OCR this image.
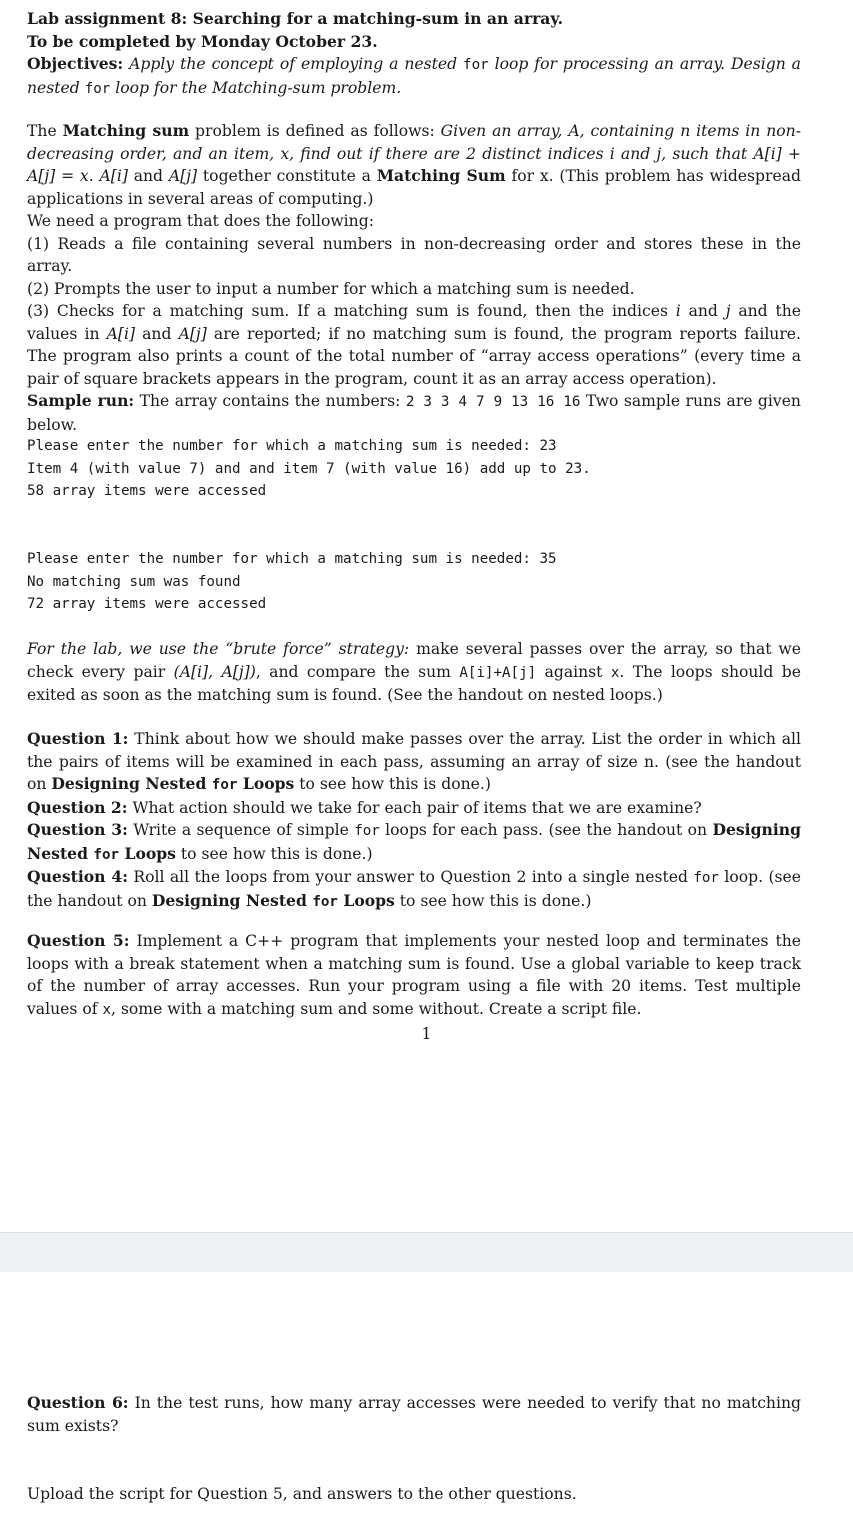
Lab assignment 8: Searching for a matching-sum in an array.

To be completed by Monday October 23.

Objectives: Apply the concept of employing a nested for loop for processing an array. Design a nested for loop for the Matching-sum problem.

The Matching sum problem is defined as follows: Given an array, A, containing n items in non-decreasing order, and an item, x, find out if there are 2 distinct indices i and j, such that A[i] + A[j] = x. A[i] and A[j] together constitute a Matching Sum for x. (This problem has widespread applications in several areas of computing.)

We need a program that does the following:

(1) Reads a file containing several numbers in non-decreasing order and stores these in the array.

(2) Prompts the user to input a number for which a matching sum is needed.

(3) Checks for a matching sum. If a matching sum is found, then the indices i and j and the values in A[i] and A[j] are reported; if no matching sum is found, the program reports failure. The program also prints a count of the total number of “array access operations” (every time a pair of square brackets appears in the program, count it as an array access operation).

Sample run: The array contains the numbers: 2 3 3 4 7 9 13 16 16 Two sample runs are given below.

Please enter the number for which a matching sum is needed: 23
Item 4 (with value 7) and and item 7 (with value 16) add up to 23.
58 array items were accessed
Please enter the number for which a matching sum is needed: 35
No matching sum was found
72 array items were accessed

For the lab, we use the “brute force” strategy: make several passes over the array, so that we check every pair (A[i], A[j]), and compare the sum A[i]+A[j] against x. The loops should be exited as soon as the matching sum is found. (See the handout on nested loops.)

Question 1: Think about how we should make passes over the array. List the order in which all the pairs of items will be examined in each pass, assuming an array of size n. (see the handout on Designing Nested for Loops to see how this is done.)

Question 2: What action should we take for each pair of items that we are examine?

Question 3: Write a sequence of simple for loops for each pass. (see the handout on Designing Nested for Loops to see how this is done.)

Question 4: Roll all the loops from your answer to Question 2 into a single nested for loop. (see the handout on Designing Nested for Loops to see how this is done.)

Question 5: Implement a C++ program that implements your nested loop and terminates the loops with a break statement when a matching sum is found. Use a global variable to keep track of the number of array accesses. Run your program using a file with 20 items. Test multiple values of x, some with a matching sum and some without. Create a script file.

1

Question 6: In the test runs, how many array accesses were needed to verify that no matching sum exists?

Upload the script for Question 5, and answers to the other questions.
